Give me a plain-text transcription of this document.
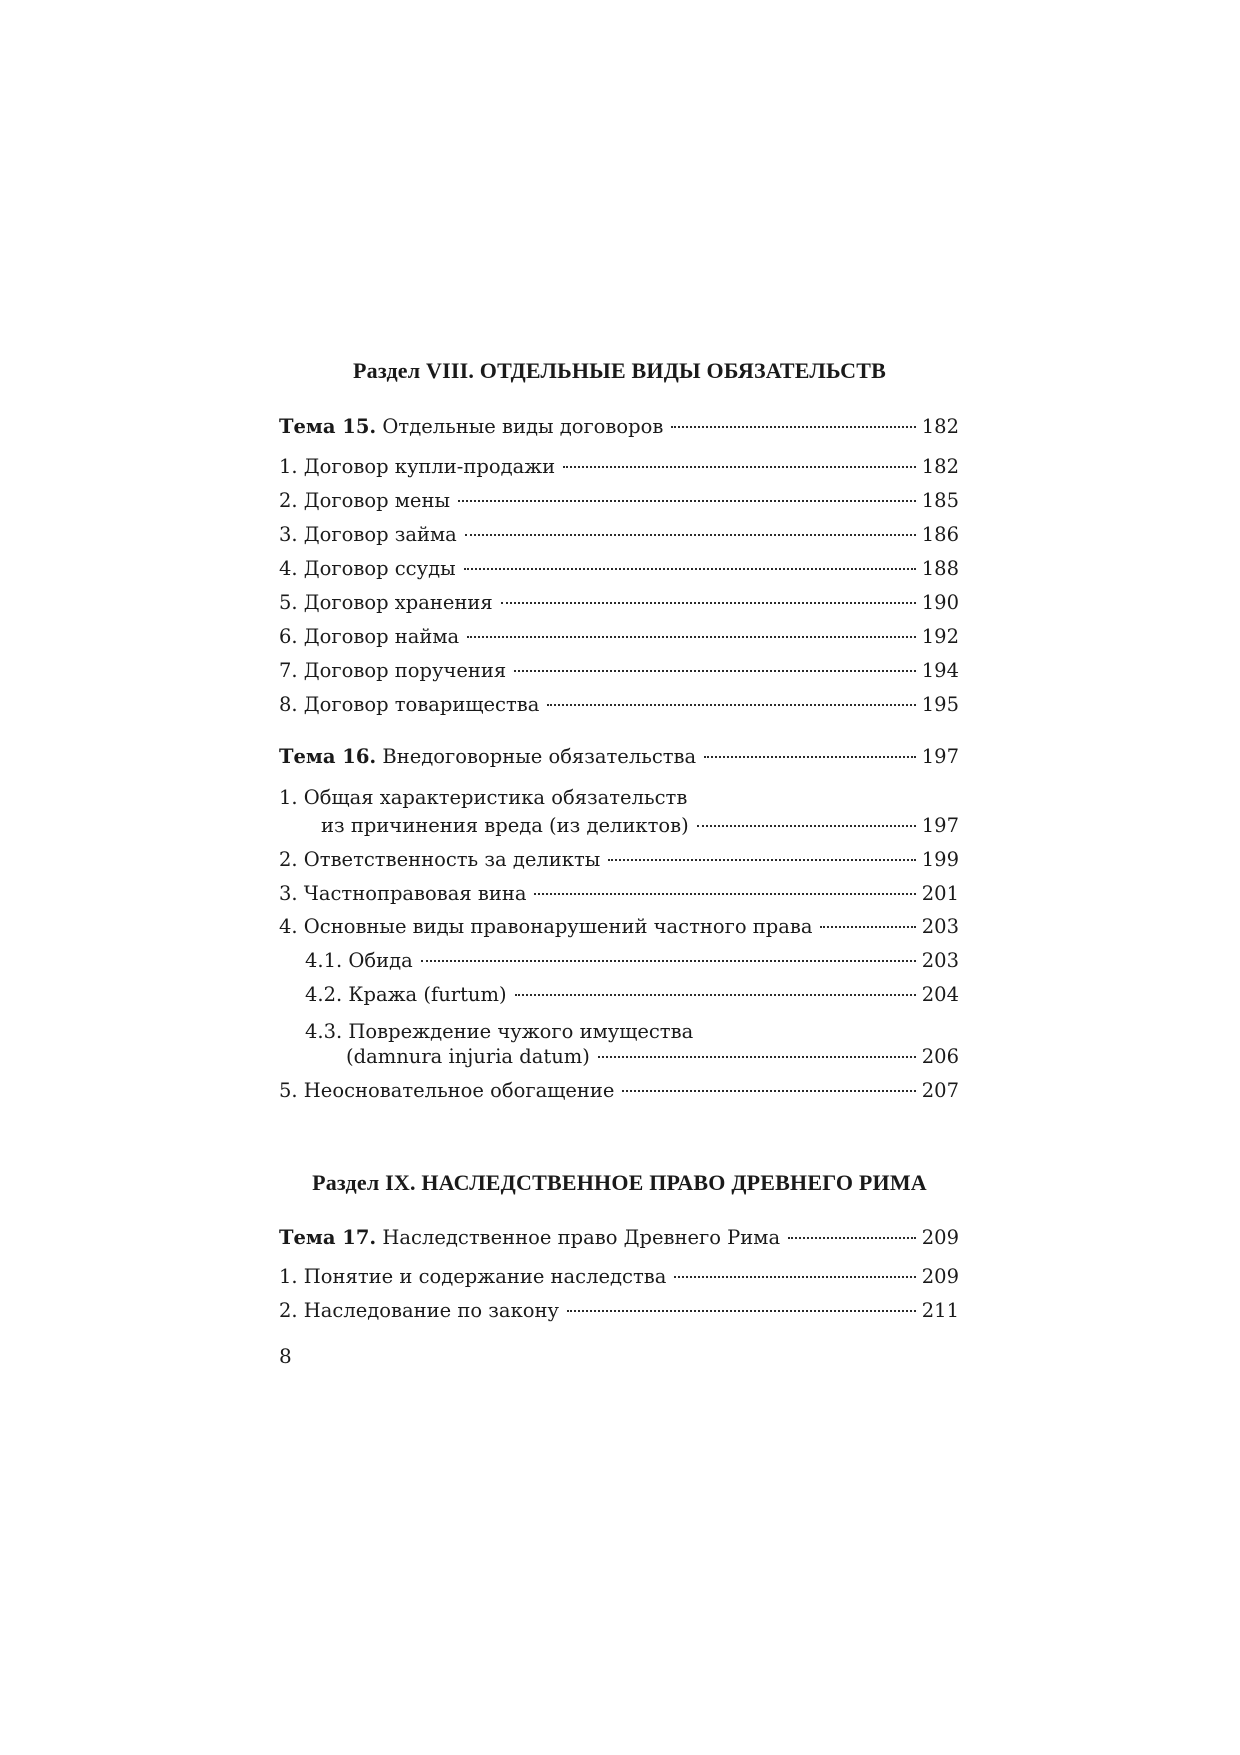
Раздел VIII. ОТДЕЛЬНЫЕ ВИДЫ ОБЯЗАТЕЛЬСТВ
Тема 15. Отдельные виды договоров	182
1. Договор купли-продажи	182
2. Договор мены	185
3. Договор займа	186
4. Договор ссуды	188
5. Договор хранения	190
6. Договор найма	192
7. Договор поручения	194
8. Договор товарищества	195
Тема 16. Внедоговорные обязательства	197
1. Общая характеристика обязательств
из причинения вреда (из деликтов)	197
2. Ответственность за деликты	199
3. Частноправовая вина	201
4. Основные виды правонарушений частного права	203
4.1. Обида	203
4.2. Кража (furtum)	204
4.3. Повреждение чужого имущества
(damnura injuria datum)	206
5. Неосновательное обогащение	207
Раздел IX. НАСЛЕДСТВЕННОЕ ПРАВО ДРЕВНЕГО РИМА
Тема 17. Наследственное право Древнего Рима	209
1. Понятие и содержание наследства	209
2. Наследование по закону	211
8
